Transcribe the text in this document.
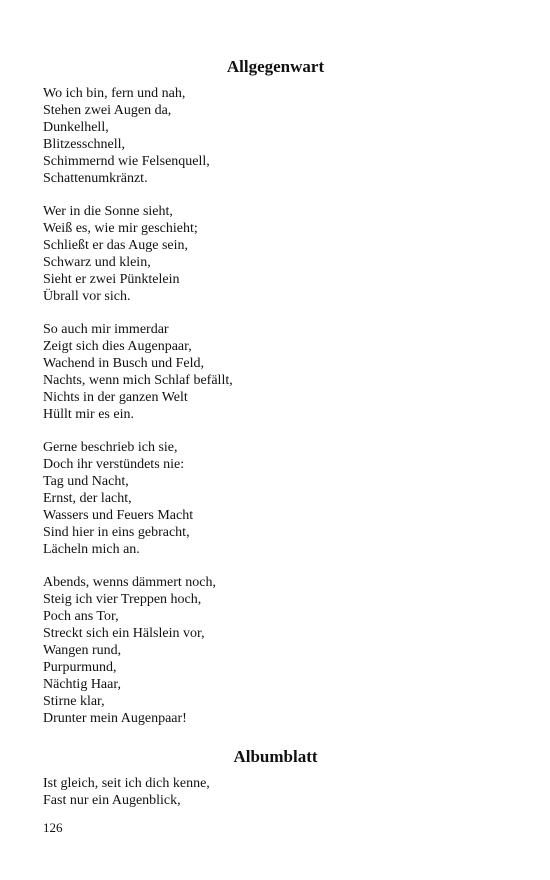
Allgegenwart
Wo ich bin, fern und nah,
Stehen zwei Augen da,
Dunkelhell,
Blitzesschnell,
Schimmernd wie Felsenquell,
Schattenumkränzt.
Wer in die Sonne sieht,
Weiß es, wie mir geschieht;
Schließt er das Auge sein,
Schwarz und klein,
Sieht er zwei Pünktelein
Übrall vor sich.
So auch mir immerdar
Zeigt sich dies Augenpaar,
Wachend in Busch und Feld,
Nachts, wenn mich Schlaf befällt,
Nichts in der ganzen Welt
Hüllt mir es ein.
Gerne beschrieb ich sie,
Doch ihr verstündets nie:
Tag und Nacht,
Ernst, der lacht,
Wassers und Feuers Macht
Sind hier in eins gebracht,
Lächeln mich an.
Abends, wenns dämmert noch,
Steig ich vier Treppen hoch,
Poch ans Tor,
Streckt sich ein Hälslein vor,
Wangen rund,
Purpurmund,
Nächtig Haar,
Stirne klar,
Drunter mein Augenpaar!
Albumblatt
Ist gleich, seit ich dich kenne,
Fast nur ein Augenblick,
126
